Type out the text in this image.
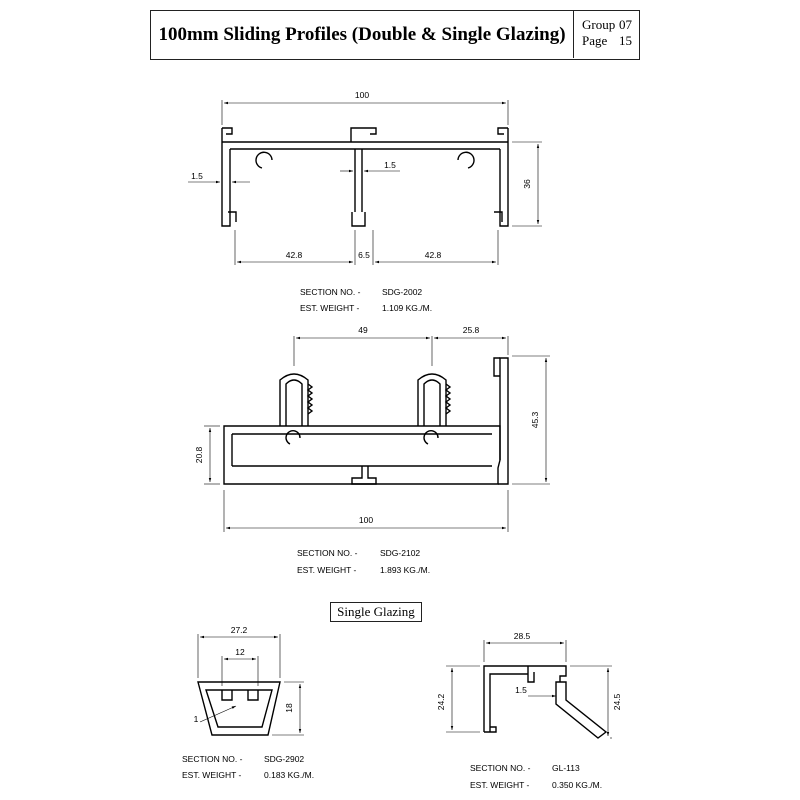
100mm Sliding Profiles (Double & Single Glazing)	Group 07
Page 15
Single Glazing
100
36
1.5
1.5
42.8	6.5	42.8
SECTION NO. -	SDG-2002
EST. WEIGHT -	1.109 KG./M.
49	25.8
45.3
20.8
100
SECTION NO. -	SDG-2102
EST. WEIGHT -	1.893 KG./M.
27.2
12
18
1
SECTION NO. -	SDG-2902
EST. WEIGHT -	0.183 KG./M.
28.5
24.2
1.5
24.5
SECTION NO. -	GL-113
EST. WEIGHT -	0.350 KG./M.
